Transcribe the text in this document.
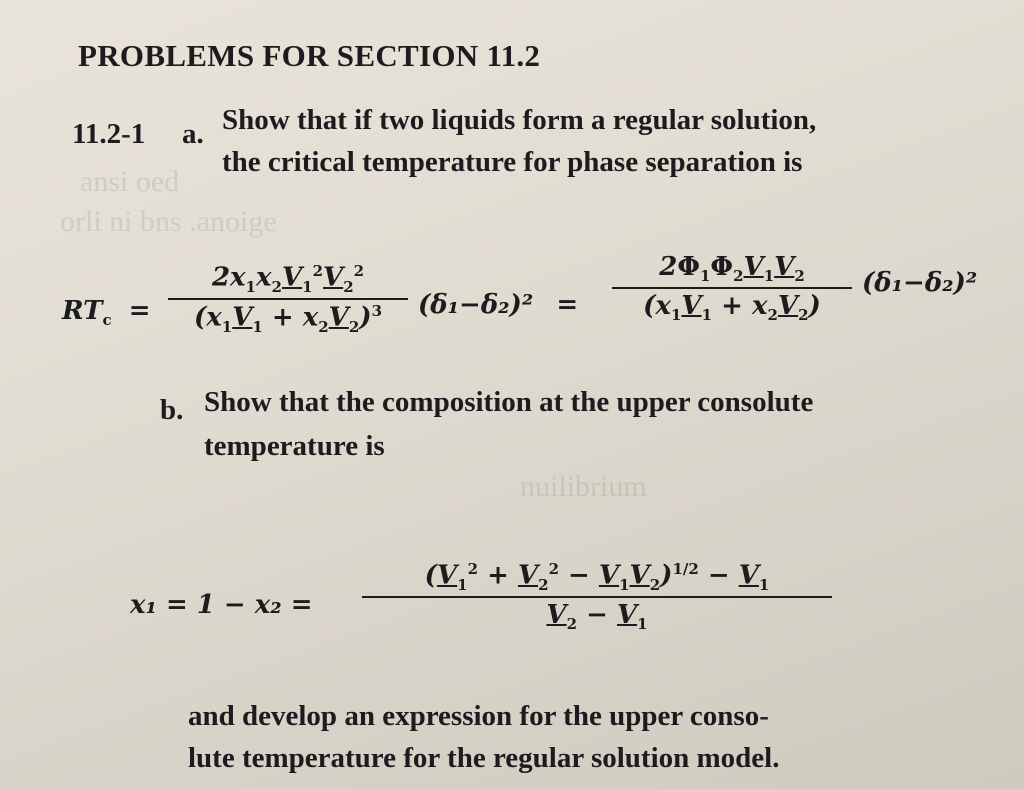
ansi oed
orli ni bns .anoige
nuilibrium
PROBLEMS FOR SECTION 11.2
11.2-1 a. Show that if two liquids form a regular solution,
the critical temperature for phase separation is
$RT_c$ =
$2x_1x_2V_1^2V_2^2$
$(x_1V_1 + x_2V_2)^3$	(δ₁−δ₂)² =
$2\Phi_1\Phi_2V_1V_2$
$(x_1V_1 + x_2V_2)$
(δ₁−δ₂)²
b. Show that the composition at the upper consolute
temperature is
x₁ = 1 − x₂ =
$(V_1^2 + V_2^2 - V_1V_2)^{1/2} - V_1$
$V_2 - V_1$
and develop an expression for the upper conso-
lute temperature for the regular solution model.
